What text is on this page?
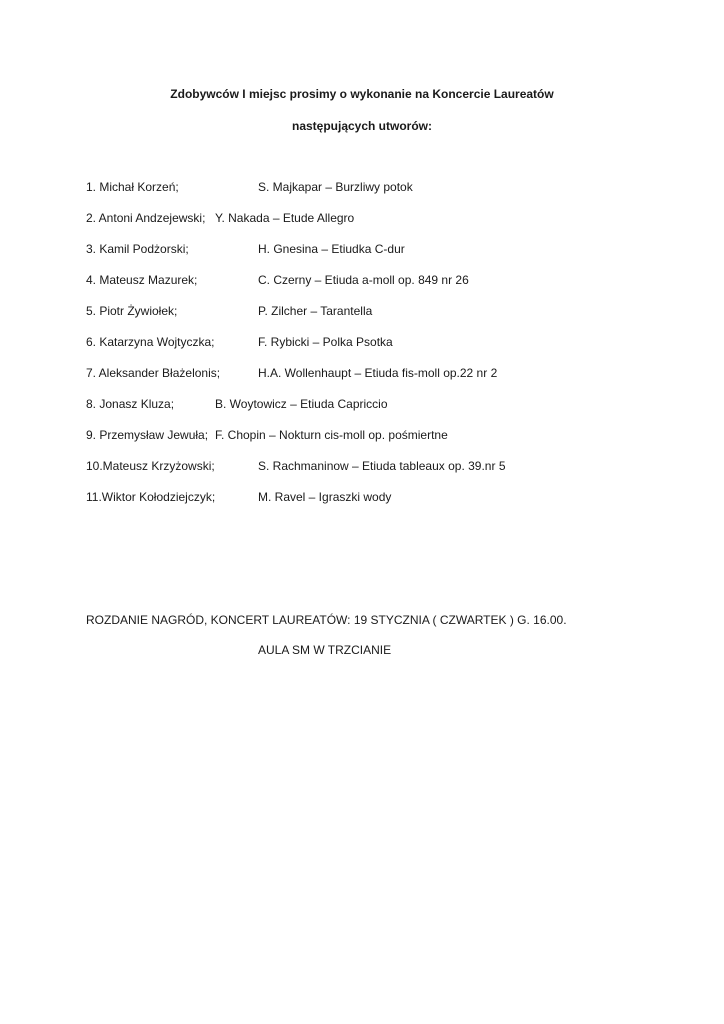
Zdobywców I miejsc prosimy o wykonanie na Koncercie Laureatów
następujących utworów:
1. Michał Korzeń;	S. Majkapar – Burzliwy potok
2. Antoni Andzejewski; Y. Nakada – Etude Allegro
3. Kamil Podżorski;	H. Gnesina – Etiudka C-dur
4. Mateusz Mazurek;	C. Czerny – Etiuda a-moll op. 849 nr 26
5. Piotr Żywiołek;	P. Zilcher – Tarantella
6. Katarzyna Wojtyczka;	F. Rybicki – Polka Psotka
7. Aleksander Błażelonis;	H.A. Wollenhaupt – Etiuda fis-moll op.22 nr 2
8. Jonasz Kluza;	B. Woytowicz – Etiuda Capriccio
9. Przemysław Jewuła; F. Chopin – Nokturn cis-moll op. pośmiertne
10.Mateusz Krzyżowski;	S. Rachmaninow – Etiuda tableaux op. 39.nr 5
11.Wiktor Kołodziejczyk;	M. Ravel – Igraszki wody
ROZDANIE NAGRÓD, KONCERT LAUREATÓW: 19 STYCZNIA ( CZWARTEK ) G. 16.00.
AULA SM W TRZCIANIE
